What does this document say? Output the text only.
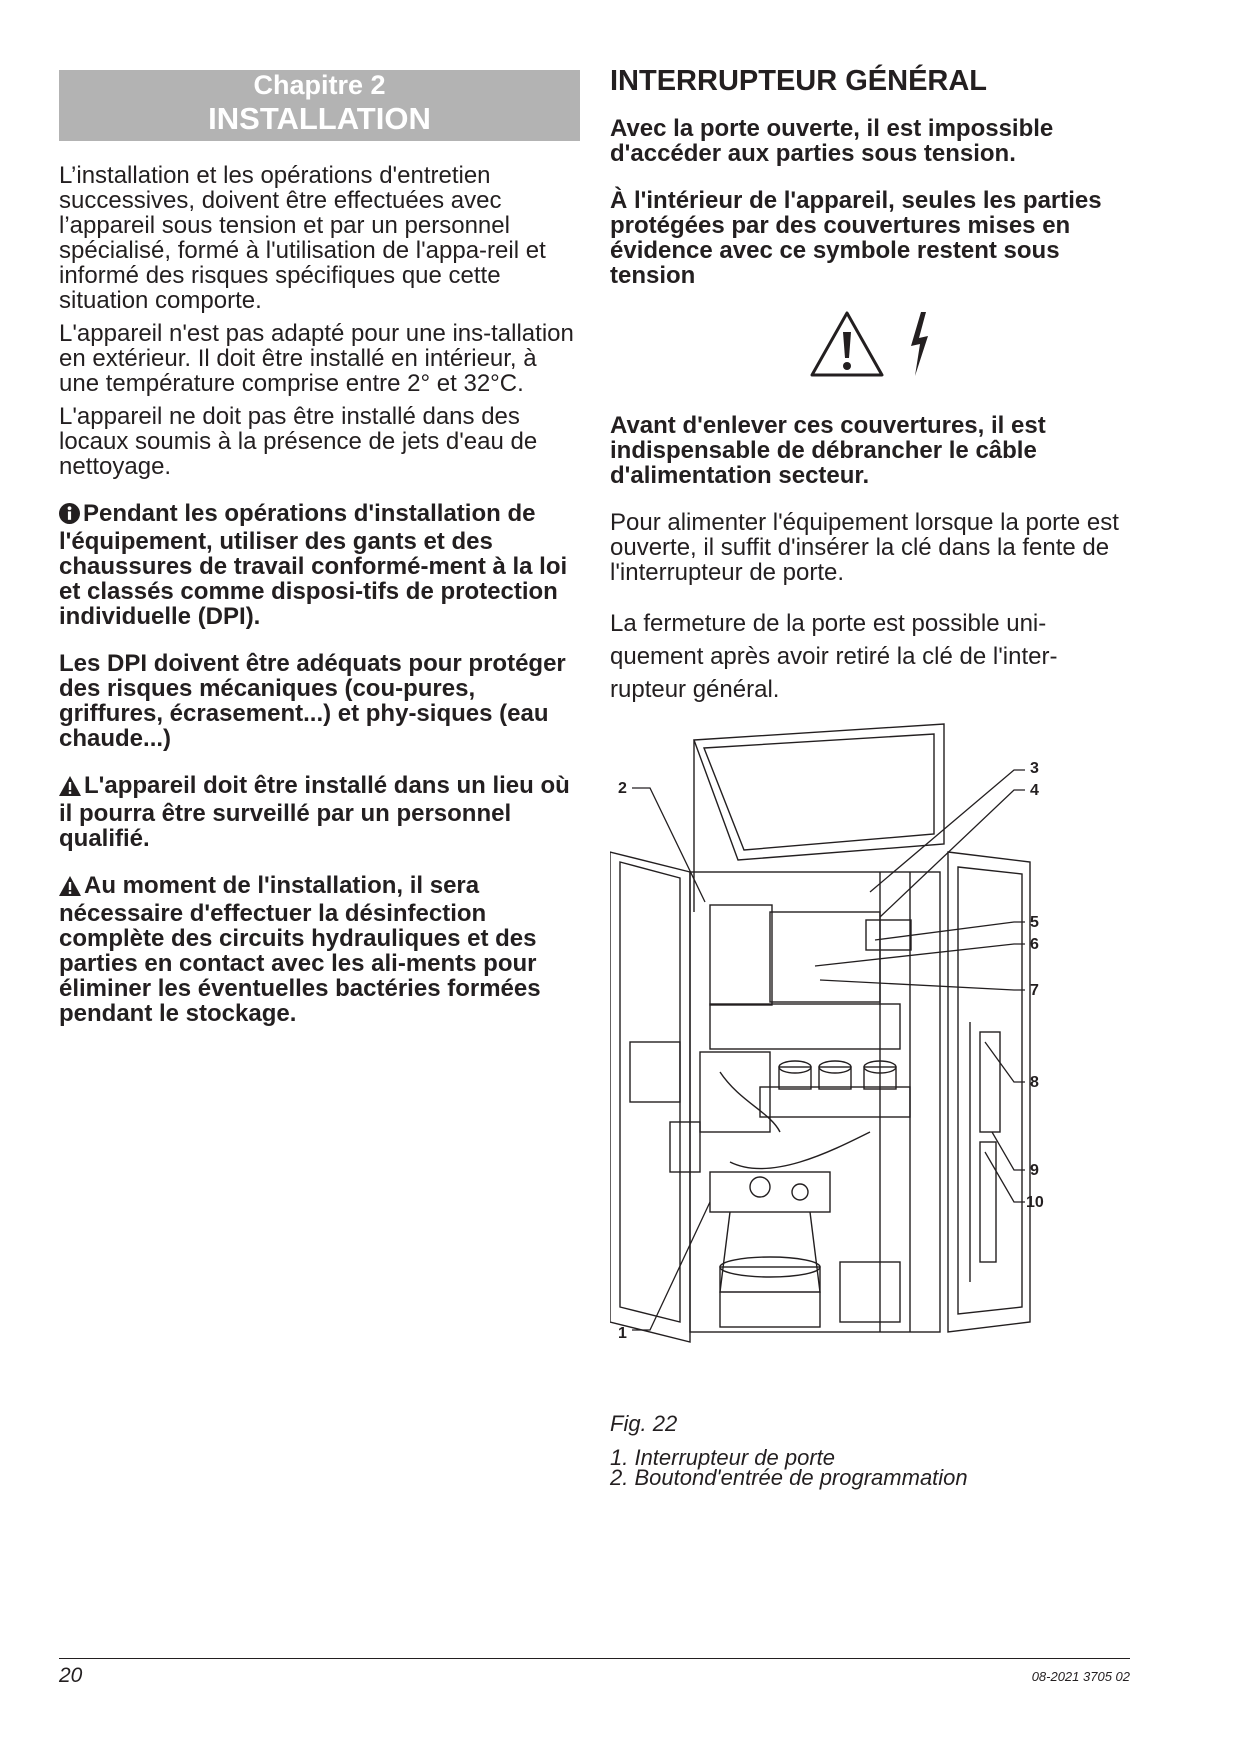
Chapitre 2
INSTALLATION

L’installation et les opérations d'entretien successives, doivent être effectuées avec l’appareil sous tension et par un personnel spécialisé, formé à l'utilisation de l'appa-reil et informé des risques spécifiques que cette situation comporte.

L'appareil n'est pas adapté pour une ins-tallation en extérieur. Il doit être installé en intérieur, à une température comprise entre 2° et 32°C.

L'appareil ne doit pas être installé dans des locaux soumis à la présence de jets d'eau de nettoyage.

Pendant les opérations d'installation de l'équipement, utiliser des gants et des chaussures de travail conformé-ment à la loi et classés comme disposi-tifs de protection individuelle (DPI).

Les DPI doivent être adéquats pour protéger des risques mécaniques (cou-pures, griffures, écrasement...) et phy-siques (eau chaude...)

L'appareil doit être installé dans un lieu où il pourra être surveillé par un personnel qualifié.

Au moment de l'installation, il sera nécessaire d'effectuer la désinfection complète des circuits hydrauliques et des parties en contact avec les ali-ments pour éliminer les éventuelles bactéries formées pendant le stockage.

INTERRUPTEUR GÉNÉRAL

Avec la porte ouverte, il est impossible d'accéder aux parties sous tension.

À l'intérieur de l'appareil, seules les parties protégées par des couvertures mises en évidence avec ce symbole restent sous tension

Avant d'enlever ces couvertures, il est indispensable de débrancher le câble d'alimentation secteur.

Pour alimenter l'équipement lorsque la porte est ouverte, il suffit d'insérer la clé dans la fente de l'interrupteur de porte.

La fermeture de la porte est possible uni-quement après avoir retiré la clé de l'inter-rupteur général.

1
2
3
4
5
6
7
8
9
10

Fig. 22

1. Interrupteur de porte

2. Boutond'entrée de programmation

20	08-2021 3705 02
